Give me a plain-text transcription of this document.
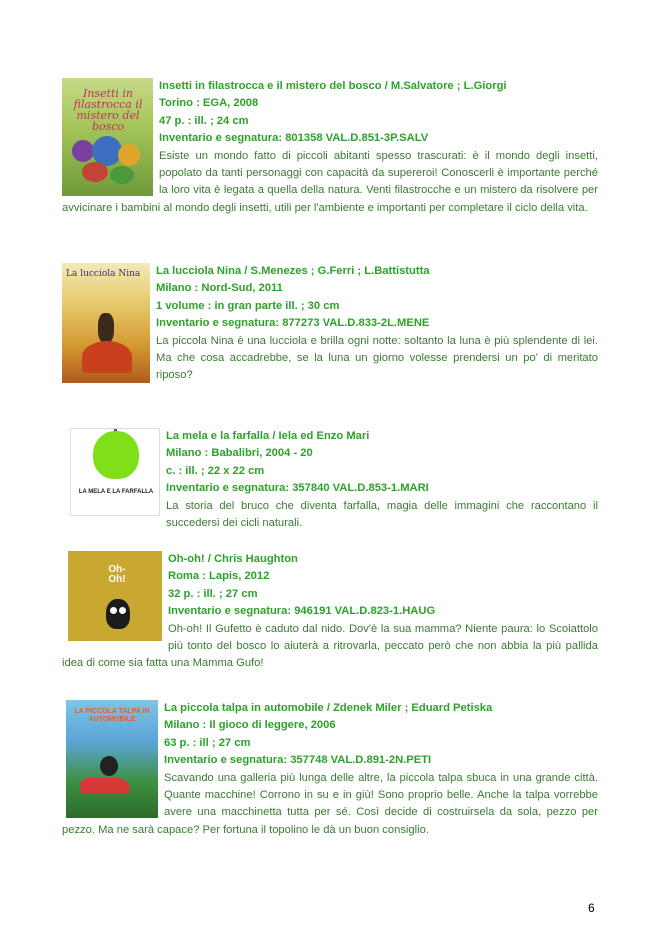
Insetti in filastrocca il mistero del bosco
Insetti in filastrocca e il mistero del bosco / M.Salvatore ; L.Giorgi
Torino : EGA, 2008
47 p. : ill. ; 24 cm
Inventario e segnatura: 801358 VAL.D.851-3P.SALV
Esiste un mondo fatto di piccoli abitanti spesso trascurati: è il mondo degli insetti, popolato da tanti personaggi con capacità da supereroi! Conoscerli è importante perché la loro vita è legata a quella della natura. Venti filastrocche e un mistero da risolvere per avvicinare i bambini al mondo degli insetti, utili per l'ambiente e importanti per completare il ciclo della vita.
La lucciola Nina	La lucciola Nina / S.Menezes ; G.Ferri ; L.Battistutta
Milano : Nord-Sud, 2011
1 volume : in gran parte ill. ; 30 cm
Inventario e segnatura: 877273 VAL.D.833-2L.MENE
La piccola Nina è una lucciola e brilla ogni notte: soltanto la luna è più splendente di lei. Ma che cosa accadrebbe, se la luna un giorno volesse prendersi un po' di meritato riposo?
LA MELA E LA FARFALLA
La mela e la farfalla / Iela ed Enzo Mari
Milano : Babalibri, 2004 - 20
c. : ill. ; 22 x 22 cm
Inventario e segnatura: 357840 VAL.D.853-1.MARI
La storia del bruco che diventa farfalla, magia delle immagini che raccontano il succedersi dei cicli naturali.
Oh- Oh!
Oh-oh! / Chris Haughton
Roma : Lapis, 2012
32 p. : ill. ; 27 cm
Inventario e segnatura: 946191 VAL.D.823-1.HAUG
Oh-oh! Il Gufetto è caduto dal nido. Dov'è la sua mamma? Niente paura: lo Scoiattolo più tonto del bosco lo aiuterà a ritrovarla, peccato però che non abbia la più pallida idea di come sia fatta una Mamma Gufo!
LA PICCOLA TALPA IN AUTOMOBILE
La piccola talpa in automobile / Zdenek Miler ; Eduard Petiska
Milano : Il gioco di leggere, 2006
63 p. : ill ; 27 cm
Inventario e segnatura: 357748 VAL.D.891-2N.PETI
Scavando una galleria più lunga delle altre, la piccola talpa sbuca in una grande città. Quante macchine! Corrono in su e in giù! Sono proprio belle. Anche la talpa vorrebbe avere una macchinetta tutta per sé. Così decide di costruirsela da sola, pezzo per pezzo. Ma ne sarà capace? Per fortuna il topolino le dà un buon consiglio.
6
